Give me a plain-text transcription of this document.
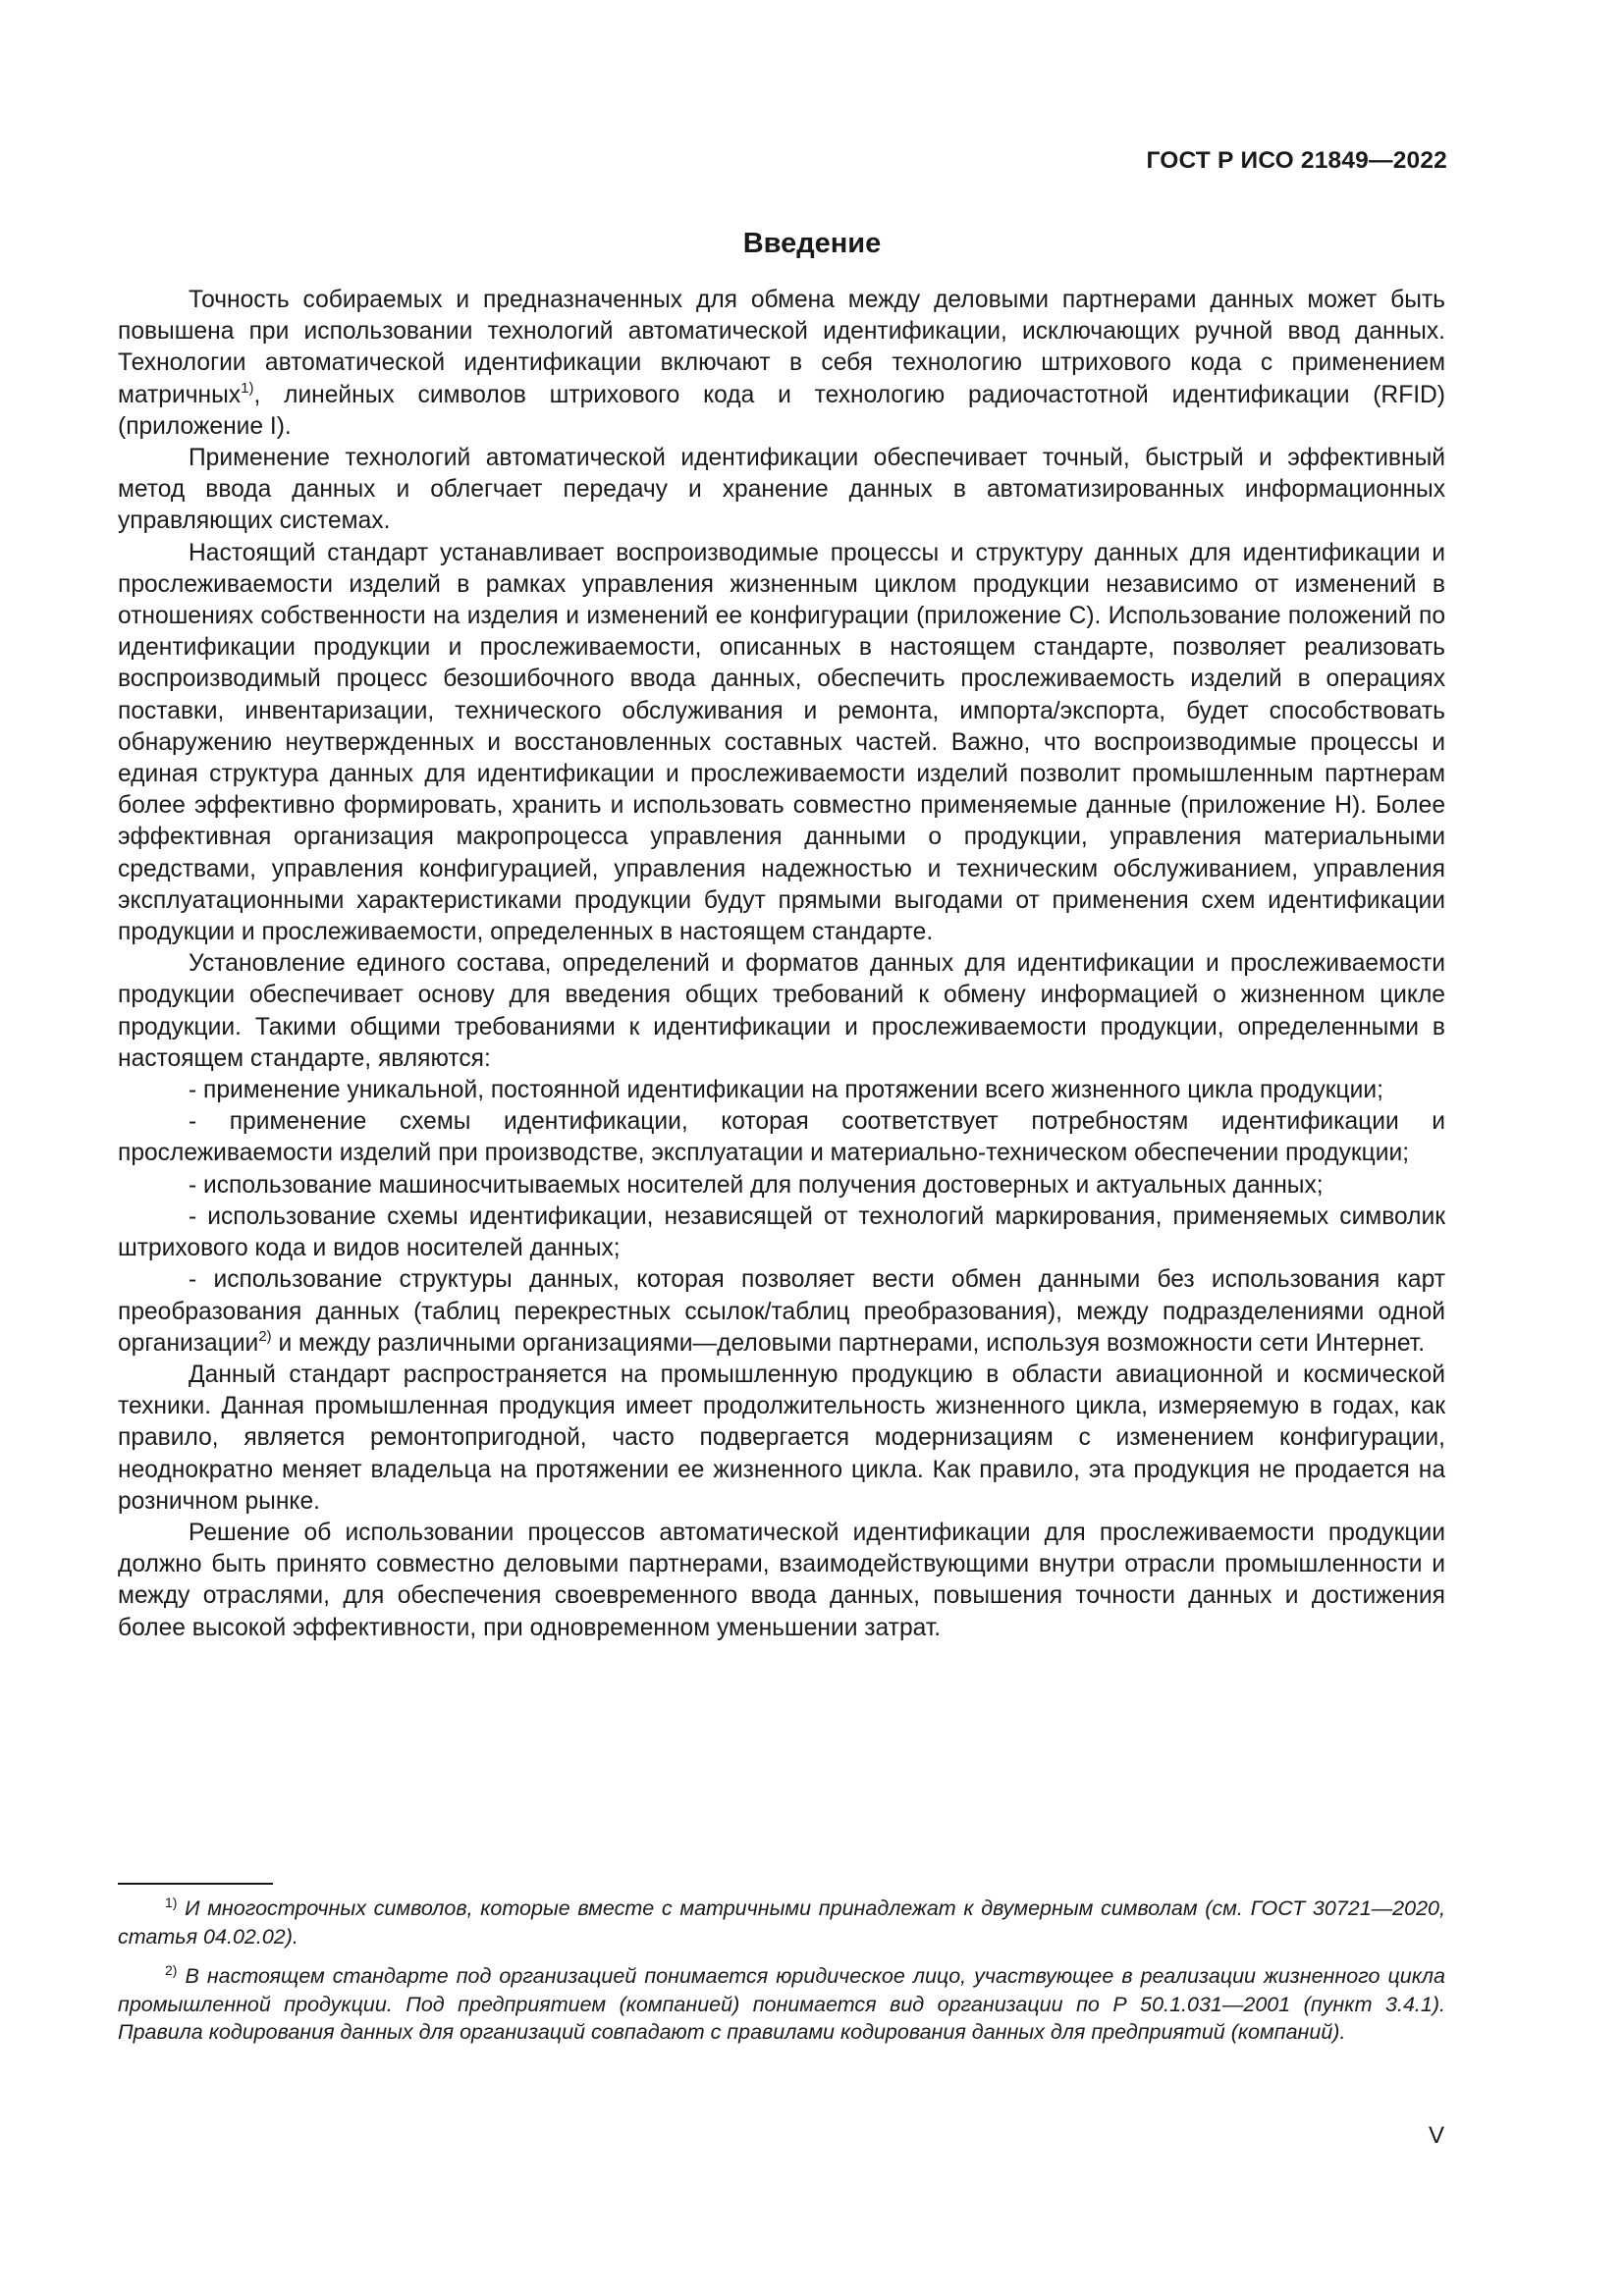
ГОСТ Р ИСО 21849—2022
Введение

Точность собираемых и предназначенных для обмена между деловыми партнерами данных может быть повышена при использовании технологий автоматической идентификации, исключающих ручной ввод данных. Технологии автоматической идентификации включают в себя технологию штрихового кода с применением матричных$^{1)}$, линейных символов штрихового кода и технологию радиочастотной идентификации (RFID) (приложение I).

Применение технологий автоматической идентификации обеспечивает точный, быстрый и эффективный метод ввода данных и облегчает передачу и хранение данных в автоматизированных информационных управляющих системах.

Настоящий стандарт устанавливает воспроизводимые процессы и структуру данных для идентификации и прослеживаемости изделий в рамках управления жизненным циклом продукции независимо от изменений в отношениях собственности на изделия и изменений ее конфигурации (приложение С). Использование положений по идентификации продукции и прослеживаемости, описанных в настоящем стандарте, позволяет реализовать воспроизводимый процесс безошибочного ввода данных, обеспечить прослеживаемость изделий в операциях поставки, инвентаризации, технического обслуживания и ремонта, импорта/экспорта, будет способствовать обнаружению неутвержденных и восстановленных составных частей. Важно, что воспроизводимые процессы и единая структура данных для идентификации и прослеживаемости изделий позволит промышленным партнерам более эффективно формировать, хранить и использовать совместно применяемые данные (приложение Н). Более эффективная организация макропроцесса управления данными о продукции, управления материальными средствами, управления конфигурацией, управления надежностью и техническим обслуживанием, управления эксплуатационными характеристиками продукции будут прямыми выгодами от применения схем идентификации продукции и прослеживаемости, определенных в настоящем стандарте.

Установление единого состава, определений и форматов данных для идентификации и прослеживаемости продукции обеспечивает основу для введения общих требований к обмену информацией о жизненном цикле продукции. Такими общими требованиями к идентификации и прослеживаемости продукции, определенными в настоящем стандарте, являются:

- применение уникальной, постоянной идентификации на протяжении всего жизненного цикла продукции;

- применение схемы идентификации, которая соответствует потребностям идентификации и прослеживаемости изделий при производстве, эксплуатации и материально-техническом обеспечении продукции;

- использование машиносчитываемых носителей для получения достоверных и актуальных данных;

- использование схемы идентификации, независящей от технологий маркирования, применяемых символик штрихового кода и видов носителей данных;

- использование структуры данных, которая позволяет вести обмен данными без использования карт преобразования данных (таблиц перекрестных ссылок/таблиц преобразования), между подразделениями одной организации$^{2)}$ и между различными организациями—деловыми партнерами, используя возможности сети Интернет.

Данный стандарт распространяется на промышленную продукцию в области авиационной и космической техники. Данная промышленная продукция имеет продолжительность жизненного цикла, измеряемую в годах, как правило, является ремонтопригодной, часто подвергается модернизациям с изменением конфигурации, неоднократно меняет владельца на протяжении ее жизненного цикла. Как правило, эта продукция не продается на розничном рынке.

Решение об использовании процессов автоматической идентификации для прослеживаемости продукции должно быть принято совместно деловыми партнерами, взаимодействующими внутри отрасли промышленности и между отраслями, для обеспечения своевременного ввода данных, повышения точности данных и достижения более высокой эффективности, при одновременном уменьшении затрат.

$^{1)}$ И многострочных символов, которые вместе с матричными принадлежат к двумерным символам (см. ГОСТ 30721—2020, статья 04.02.02).

$^{2)}$ В настоящем стандарте под организацией понимается юридическое лицо, участвующее в реализации жизненного цикла промышленной продукции. Под предприятием (компанией) понимается вид организации по Р 50.1.031—2001 (пункт 3.4.1). Правила кодирования данных для организаций совпадают с правилами кодирования данных для предприятий (компаний).

V
